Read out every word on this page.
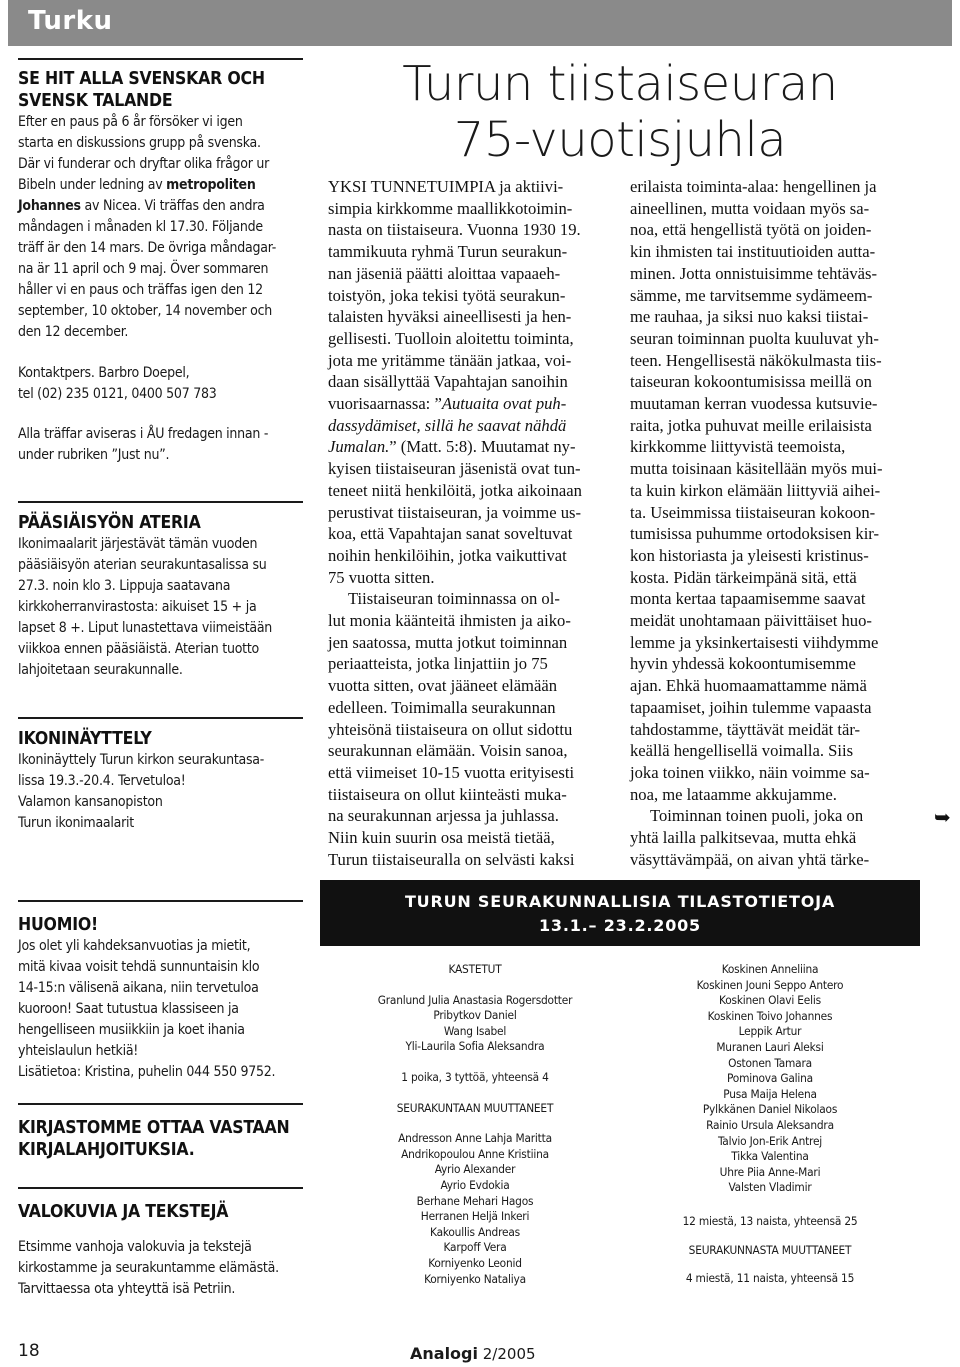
Turku
SE HIT ALLA SVENSKAR OCH
SVENSK TALANDE
Efter en paus på 6 år försöker vi igen
starta en diskussions grupp på svenska.
Där vi funderar och dryftar olika frågor ur
Bibeln under ledning av metropoliten
Johannes av Nicea. Vi träffas den andra
måndagen i månaden kl 17.30. Följande
träff är den 14 mars. De övriga måndagar-
na är 11 april och 9 maj. Över sommaren
håller vi en paus och träffas igen den 12
september, 10 oktober, 14 november och
den 12 december.
Kontaktpers. Barbro Doepel,
tel (02) 235 0121, 0400 507 783
Alla träffar aviseras i ÅU fredagen innan -
under rubriken ”Just nu”.
PÄÄSIÄISYÖN ATERIA
Ikonimaalarit järjestävät tämän vuoden
pääsiäisyön aterian seurakuntasalissa su
27.3. noin klo 3. Lippuja saatavana
kirkkoherranvirastosta: aikuiset 15 + ja
lapset 8 +. Liput lunastettava viimeistään
viikkoa ennen pääsiäistä. Aterian tuotto
lahjoitetaan seurakunnalle.
IKONINÄYTTELY
Ikoninäyttely Turun kirkon seurakuntasa-
lissa 19.3.-20.4. Tervetuloa!
Valamon kansanopiston
Turun ikonimaalarit
Turun tiistaiseuran
75-vuotisjuhla
YKSI TUNNETUIMPIA ja aktiivi-
simpia kirkkomme maallikkotoimin-
nasta on tiistaiseura. Vuonna 1930 19.
tammikuuta ryhmä Turun seurakun-
nan jäseniä päätti aloittaa vapaaeh-
toistyön, joka tekisi työtä seurakun-
talaisten hyväksi aineellisesti ja hen-
gellisesti. Tuolloin aloitettu toiminta,
jota me yritämme tänään jatkaa, voi-
daan sisällyttää Vapahtajan sanoihin
vuorisaarnassa: ”Autuaita ovat puh-
dassydämiset, sillä he saavat nähdä
Jumalan.” (Matt. 5:8). Muutamat ny-
kyisen tiistaiseuran jäsenistä ovat tun-
teneet niitä henkilöitä, jotka aikoinaan
perustivat tiistaiseuran, ja voimme us-
koa, että Vapahtajan sanat soveltuvat
noihin henkilöihin, jotka vaikuttivat
75 vuotta sitten.
Tiistaiseuran toiminnassa on ol-
lut monia käänteitä ihmisten ja aiko-
jen saatossa, mutta jotkut toiminnan
periaatteista, jotka linjattiin jo 75
vuotta sitten, ovat jääneet elämään
edelleen. Toimimalla seurakunnan
yhteisönä tiistaiseura on ollut sidottu
seurakunnan elämään. Voisin sanoa,
että viimeiset 10-15 vuotta erityisesti
tiistaiseura on ollut kiinteästi muka-
na seurakunnan arjessa ja juhlassa.
Niin kuin suurin osa meistä tietää,
Turun tiistaiseuralla on selvästi kaksi
erilaista toiminta-alaa: hengellinen ja
aineellinen, mutta voidaan myös sa-
noa, että hengellistä työtä on joiden-
kin ihmisten tai instituutioiden autta-
minen. Jotta onnistuisimme tehtäväs-
sämme, me tarvitsemme sydämeem-
me rauhaa, ja siksi nuo kaksi tiistai-
seuran toiminnan puolta kuuluvat yh-
teen. Hengellisestä näkökulmasta tiis-
taiseuran kokoontumisissa meillä on
muutaman kerran vuodessa kutsuvie-
raita, jotka puhuvat meille erilaisista
kirkkomme liittyvistä teemoista,
mutta toisinaan käsitellään myös mui-
ta kuin kirkon elämään liittyviä aihei-
ta. Useimmissa tiistaiseuran kokoon-
tumisissa puhumme ortodoksisen kir-
kon historiasta ja yleisesti kristinus-
kosta. Pidän tärkeimpänä sitä, että
monta kertaa tapaamisemme saavat
meidät unohtamaan päivittäiset huo-
lemme ja yksinkertaisesti viihdymme
hyvin yhdessä kokoontumisemme
ajan. Ehkä huomaamattamme nämä
tapaamiset, joihin tulemme vapaasta
tahdostamme, täyttävät meidät tär-
keällä hengellisellä voimalla. Siis
joka toinen viikko, näin voimme sa-
noa, me lataamme akkujamme.
Toiminnan toinen puoli, joka on
yhtä lailla palkitsevaa, mutta ehkä
väsyttävämpää, on aivan yhtä tärke-
➥
TURUN SEURAKUNNALLISIA TILASTOTIETOJA
13.1.– 23.2.2005
KASTETUT
Granlund Julia Anastasia Rogersdotter
Pribytkov Daniel
Wang Isabel
Yli-Laurila Sofia Aleksandra
1 poika, 3 tyttöä, yhteensä 4
SEURAKUNTAAN MUUTTANEET
Andresson Anne Lahja Maritta
Andrikopoulou Anne Kristiina
Ayrio Alexander
Ayrio Evdokia
Berhane Mehari Hagos
Herranen Heljä Inkeri
Kakoullis Andreas
Karpoff Vera
Korniyenko Leonid
Korniyenko Nataliya
Koskinen Anneliina
Koskinen Jouni Seppo Antero
Koskinen Olavi Eelis
Koskinen Toivo Johannes
Leppik Artur
Muranen Lauri Aleksi
Ostonen Tamara
Pominova Galina
Pusa Maija Helena
Pylkkänen Daniel Nikolaos
Rainio Ursula Aleksandra
Talvio Jon-Erik Antrej
Tikka Valentina
Uhre Piia Anne-Mari
Valsten Vladimir
12 miestä, 13 naista, yhteensä 25
SEURAKUNNASTA MUUTTANEET
4 miestä, 11 naista, yhteensä 15
HUOMIO!
Jos olet yli kahdeksanvuotias ja mietit,
mitä kivaa voisit tehdä sunnuntaisin klo
14-15:n välisenä aikana, niin tervetuloa
kuoroon! Saat tutustua klassiseen ja
hengelliseen musiikkiin ja koet ihania
yhteislaulun hetkiä!
Lisätietoa: Kristina, puhelin 044 550 9752.
KIRJASTOMME OTTAA VASTAAN
KIRJALAHJOITUKSIA.
VALOKUVIA JA TEKSTEJÄ
Etsimme vanhoja valokuvia ja tekstejä
kirkostamme ja seurakuntamme elämästä.
Tarvittaessa ota yhteyttä isä Petriin.
18	Analogi 2/2005
